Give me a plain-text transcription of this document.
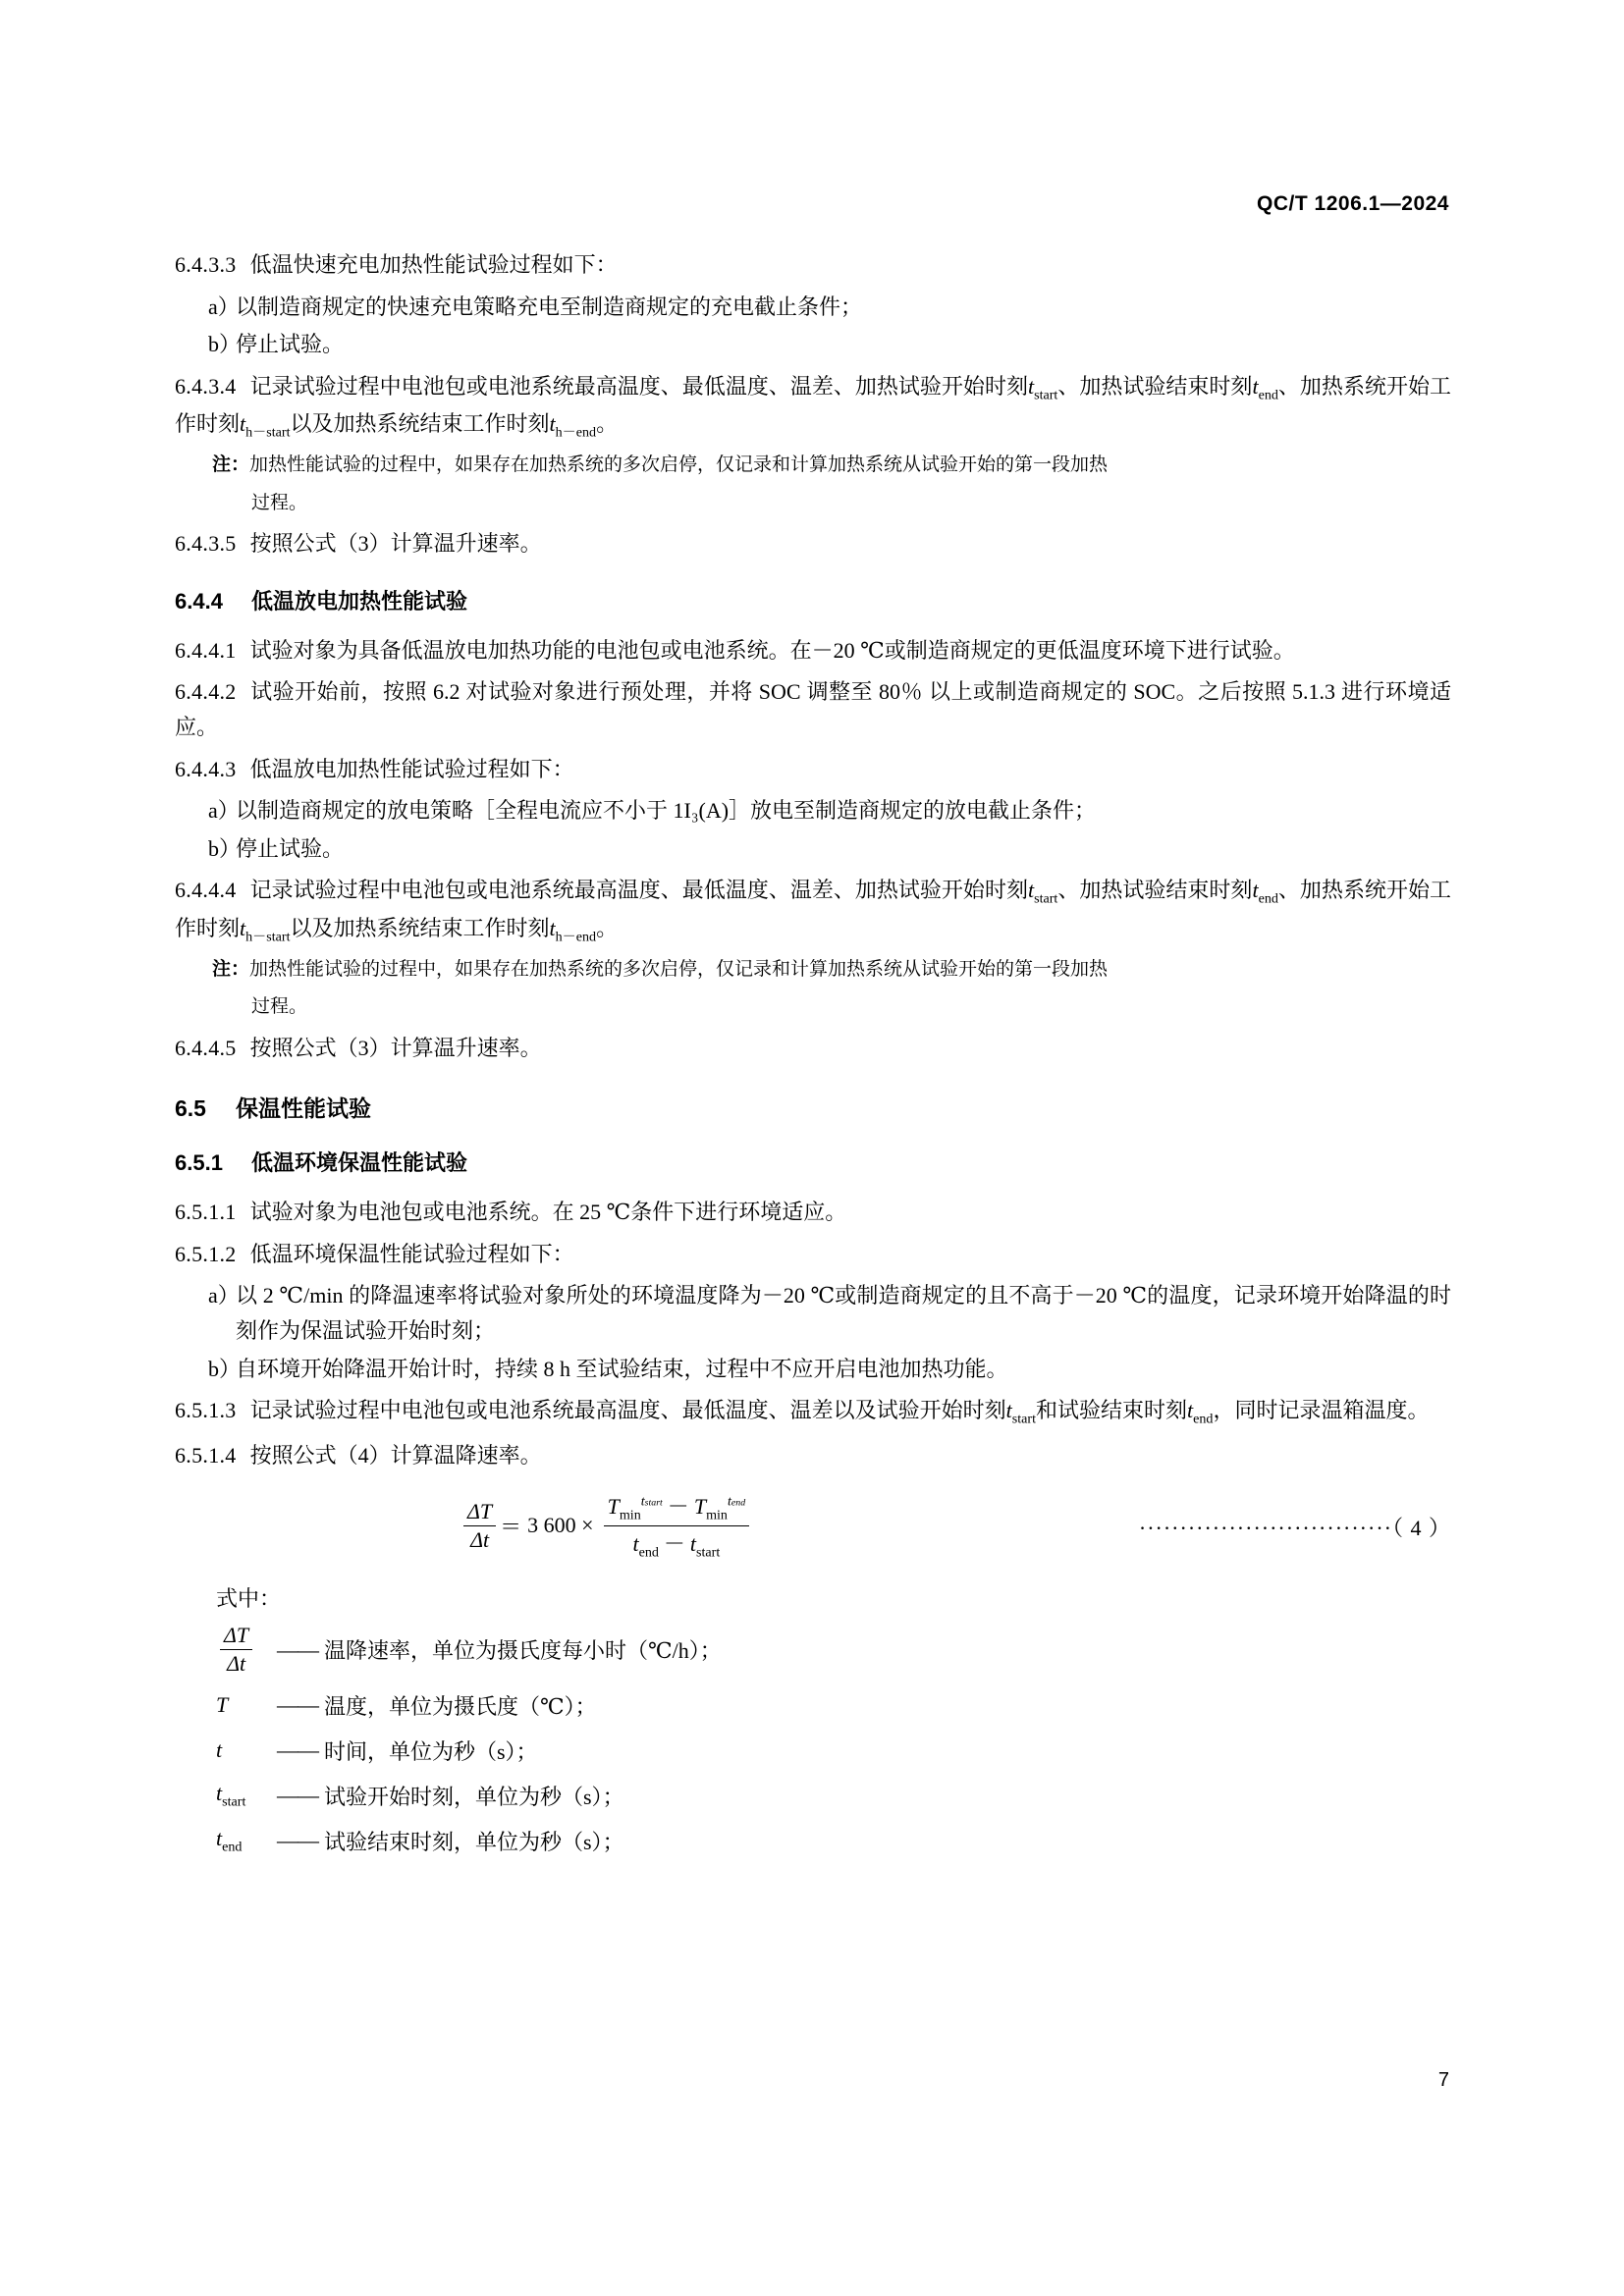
QC/T 1206.1—2024

6.4.3.3 低温快速充电加热性能试验过程如下：

a）
以制造商规定的快速充电策略充电至制造商规定的充电截止条件；
b）
停止试验。

6.4.3.4 记录试验过程中电池包或电池系统最高温度、最低温度、温差、加热试验开始时刻$t_{start}$、加热试验结束时刻$t_{end}$、加热系统开始工作时刻$t_{h-start}$以及加热系统结束工作时刻$t_{h-end}$。

注： 加热性能试验的过程中，如果存在加热系统的多次启停，仅记录和计算加热系统从试验开始的第一段加热
过程。

6.4.3.5 按照公式（3）计算温升速率。

6.4.4 低温放电加热性能试验

6.4.4.1 试验对象为具备低温放电加热功能的电池包或电池系统。在－20 ℃或制造商规定的更低温度环境下进行试验。

6.4.4.2 试验开始前，按照 6.2 对试验对象进行预处理，并将 SOC 调整至 80％ 以上或制造商规定的 SOC。之后按照 5.1.3 进行环境适应。

6.4.4.3 低温放电加热性能试验过程如下：

a）
以制造商规定的放电策略［全程电流应不小于 1I₃(A)］放电至制造商规定的放电截止条件；
b）
停止试验。

6.4.4.4 记录试验过程中电池包或电池系统最高温度、最低温度、温差、加热试验开始时刻$t_{start}$、加热试验结束时刻$t_{end}$、加热系统开始工作时刻$t_{h-start}$以及加热系统结束工作时刻$t_{h-end}$。

注： 加热性能试验的过程中，如果存在加热系统的多次启停，仅记录和计算加热系统从试验开始的第一段加热
过程。

6.4.4.5 按照公式（3）计算温升速率。

6.5 保温性能试验
6.5.1 低温环境保温性能试验

6.5.1.1 试验对象为电池包或电池系统。在 25 ℃条件下进行环境适应。

6.5.1.2 低温环境保温性能试验过程如下：

a）
以 2 ℃/min 的降温速率将试验对象所处的环境温度降为－20 ℃或制造商规定的且不高于－20 ℃的温度，记录环境开始降温的时刻作为保温试验开始时刻；
b）
自环境开始降温开始计时，持续 8 h 至试验结束，过程中不应开启电池加热功能。

6.5.1.3 记录试验过程中电池包或电池系统最高温度、最低温度、温差以及试验开始时刻$t_{start}$和试验结束时刻$t_{end}$，同时记录温箱温度。

6.5.1.4 按照公式（4）计算温降速率。

$\frac{\Delta T}{\Delta t} = 3$ $600 \times \frac{T_{min}^{tstart} - T_{min}^{tend}}{t_{end} - t_{start}}$	·······························（ 4 ）
式中：
$\frac{\Delta T}{\Delta t}$ —— 温降速率，单位为摄氏度每小时（℃/h）；
T	—— 温度，单位为摄氏度（℃）；
t	—— 时间，单位为秒（s）；
$t_{start}$	—— 试验开始时刻，单位为秒（s）；
$t_{end}$	—— 试验结束时刻，单位为秒（s）；
7
